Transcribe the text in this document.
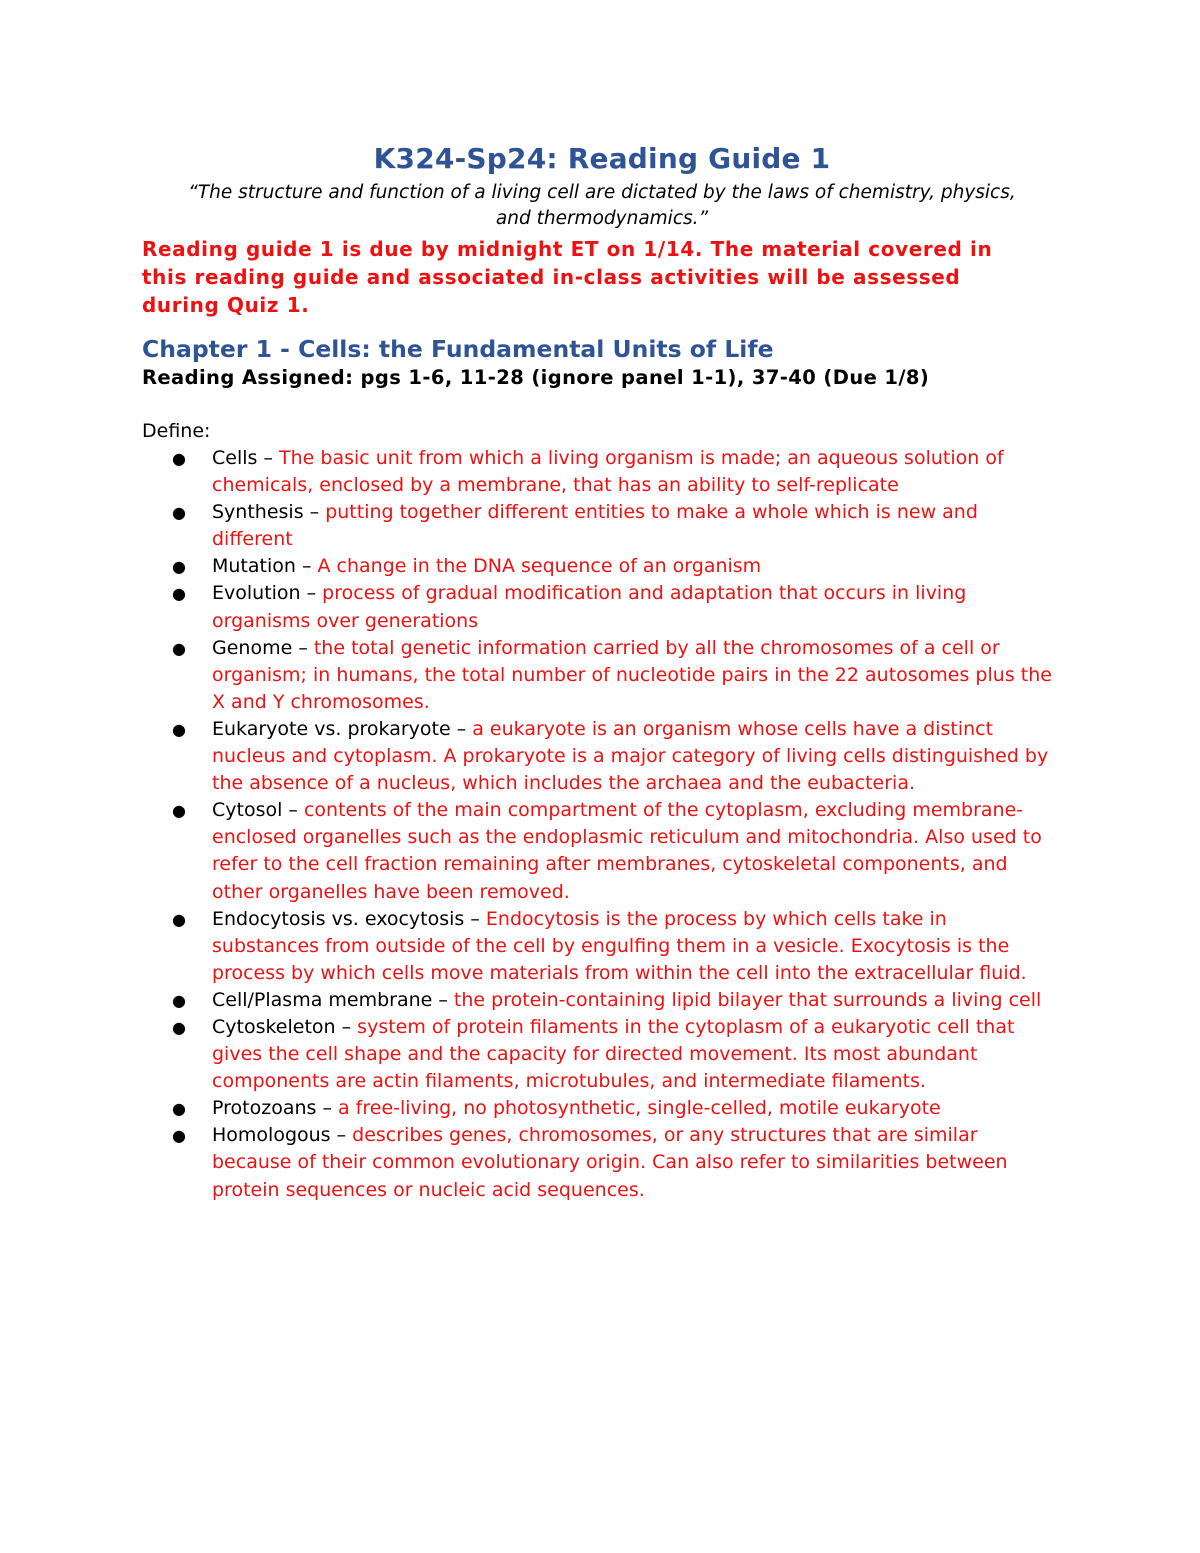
K324-Sp24: Reading Guide 1

“The structure and function of a living cell are dictated by the laws of chemistry, physics, and thermodynamics.”

Reading guide 1 is due by midnight ET on 1/14. The material covered in this reading guide and associated in-class activities will be assessed during Quiz 1.

Chapter 1 - Cells: the Fundamental Units of Life

Reading Assigned: pgs 1-6, 11-28 (ignore panel 1-1), 37-40 (Due 1/8)

Define:

● Cells – The basic unit from which a living organism is made; an aqueous solution of chemicals, enclosed by a membrane, that has an ability to self-replicate
● Synthesis – putting together different entities to make a whole which is new and different
● Mutation – A change in the DNA sequence of an organism
● Evolution – process of gradual modification and adaptation that occurs in living organisms over generations
● Genome – the total genetic information carried by all the chromosomes of a cell or organism; in humans, the total number of nucleotide pairs in the 22 autosomes plus the X and Y chromosomes.
● Eukaryote vs. prokaryote – a eukaryote is an organism whose cells have a distinct nucleus and cytoplasm. A prokaryote is a major category of living cells distinguished by the absence of a nucleus, which includes the archaea and the eubacteria.
● Cytosol – contents of the main compartment of the cytoplasm, excluding membrane-enclosed organelles such as the endoplasmic reticulum and mitochondria. Also used to refer to the cell fraction remaining after membranes, cytoskeletal components, and other organelles have been removed.
● Endocytosis vs. exocytosis – Endocytosis is the process by which cells take in substances from outside of the cell by engulfing them in a vesicle. Exocytosis is the process by which cells move materials from within the cell into the extracellular fluid.
● Cell/Plasma membrane – the protein-containing lipid bilayer that surrounds a living cell
● Cytoskeleton – system of protein filaments in the cytoplasm of a eukaryotic cell that gives the cell shape and the capacity for directed movement. Its most abundant components are actin filaments, microtubules, and intermediate filaments.
● Protozoans – a free-living, no photosynthetic, single-celled, motile eukaryote
● Homologous – describes genes, chromosomes, or any structures that are similar because of their common evolutionary origin. Can also refer to similarities between protein sequences or nucleic acid sequences.
